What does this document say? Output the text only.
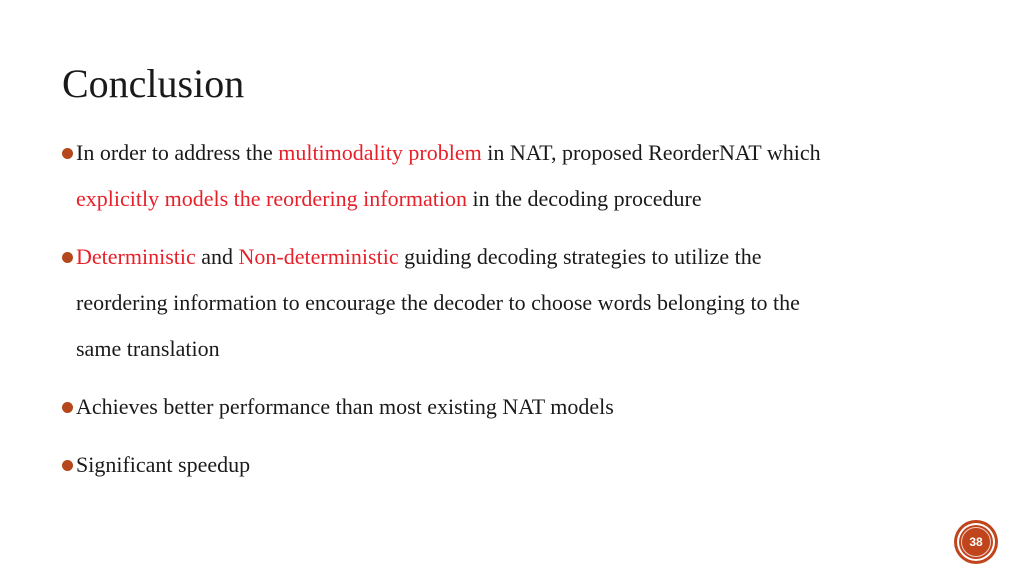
Conclusion
In order to address the multimodality problem in NAT, proposed ReorderNAT which
explicitly models the reordering information in the decoding procedure
Deterministic and Non-deterministic guiding decoding strategies to utilize the
reordering information to encourage the decoder to choose words belonging to the
same translation
Achieves better performance than most existing NAT models
Significant speedup
38
